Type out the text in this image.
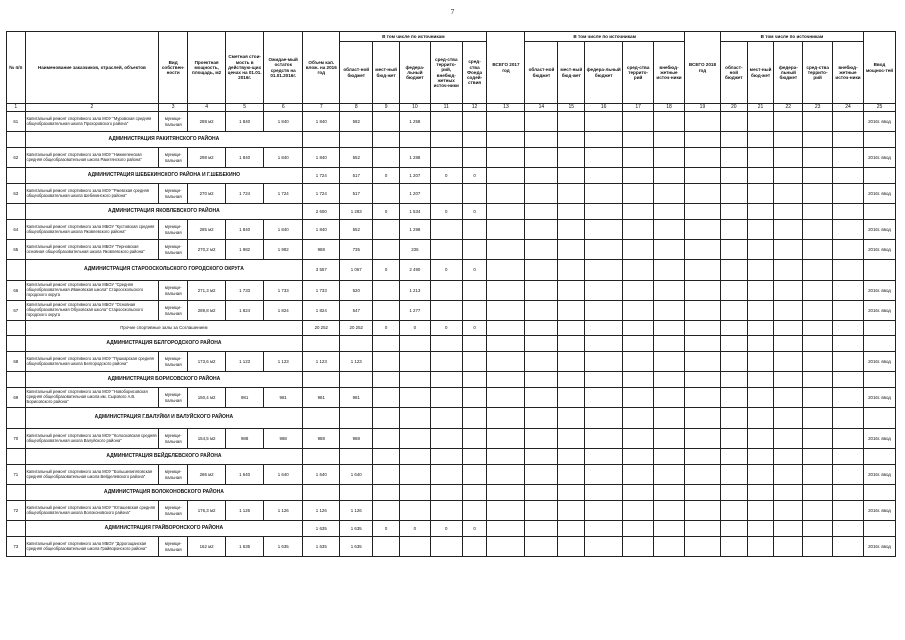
7
№ п/п	Наименование заказчиков, отраслей, объектов	Вид собствен-ности	Проектная мощность, площадь, м2	Сметная стои-мость в действую-щих ценах на 01.01. 2016г.	Ожидае-мый остаток средств на 01.01.2016г.	Объем кап. влож. на 2016 год	В том числе по источникам					ВСЕГО 2017 год	В том числе по источникам					ВСЕГО 2018 год	В том числе по источникам					Ввод мощнос-тей
							област-ной бюджет	мест-ный бюд-жет	федера-льный бюджет	сред-ства террито-рий, внебюд-жетных источ-ники	сред-ства Фонда содей-ствия		област-ной бюджет	мест-ный бюд-жет	федера-льный бюджет	сред-ства террито-рий	внебюд-жетные источ-ники		област-ной бюджет	мест-ный бюд-жет	федера-льный бюджет	сред-ства террито-рий	внебюд-жетные источ-ники	
1	2	3	4	5	6	7	8	9	10	11	12	13	14	15	16	17	18	19	20	21	22	23	24	25
61	Капитальный ремонт спортивного зала МОУ "Муровская средняя общеобразовательная школа Прохоровского района"	муници-пальная	288 м2	1 840	1 840	1 840	582		1 258															2016г. ввод
	АДМИНИСТРАЦИЯ РАКИТЯНСКОГО РАЙОНА																							
62	Капитальный ремонт спортивного зала МОУ "Нижнепенская средняя общеобразовательная школа Ракитянского района"	муници-пальная	298 м2	1 840	1 840	1 840	552		1 288															2016г. ввод
	АДМИНИСТРАЦИЯ ШЕБЕКИНСКОГО РАЙОНА И Г.ШЕБЕКИНО					1 724	517	0	1 207	0	0													
63	Капитальный ремонт спортивного зала МОУ "Ржевская средняя общеобразовательная школа Шебекинского района"	муници-пальная	270 м2	1 724	1 724	1 724	517		1 207															2016г. ввод
	АДМИНИСТРАЦИЯ ЯКОВЛЕВСКОГО РАЙОНА					2 600	1 283	0	1 534	0	0													
64	Капитальный ремонт спортивного зала МБОУ "Кустовская средняя общеобразовательная школа Яковлевского района"	муници-пальная	285 м2	1 840	1 840	1 840	552		1 298															2016г. ввод
65	Капитальный ремонт спортивного зала МБОУ "Терновская основная общеобразовательная школа Яковлевского района"	муници-пальная	270,2 м2	1 982	1 982	988	735		236															2016г. ввод
	АДМИНИСТРАЦИЯ СТАРООСКОЛЬСКОГО ГОРОДСКОГО ОКРУГА					3 557	1 067	0	2 490	0	0													
66	Капитальный ремонт спортивного зала МБОУ "Средняя общеобразовательная Ивановская школа" Старооскольского городского округа	муници-пальная	271,3 м2	1 733	1 733	1 733	520		1 213															2016г. ввод
67	Капитальный ремонт спортивного зала МБОУ "Основная общеобразовательная Обуховская школа" Старооскольского городского округа	муници-пальная	289,8 м2	1 824	1 824	1 824	547		1 277															2016г. ввод
	Прочие спортивные залы за Соглашением					20 252	20 252	0	0	0	0													
	АДМИНИСТРАЦИЯ БЕЛГОРОДСКОГО РАЙОНА																							
68	Капитальный ремонт спортивного зала МОУ "Пушкарская средняя общеобразовательная школа Белгородского района"	муници-пальная	173,6 м2	1 123	1 123	1 123	1 123																	2016г. ввод
	АДМИНИСТРАЦИЯ БОРИСОВСКОГО РАЙОНА																							
69	Капитальный ремонт спортивного зала МОУ "Новоборисовская средняя общеобразовательная школа им. Сырового А.В. Борисовского района"	муници-пальная	150,4 м2	981	981	981	981																	2016г. ввод
	АДМИНИСТРАЦИЯ Г.ВАЛУЙКИ И ВАЛУЙСКОГО РАЙОНА																							
70	Капитальный ремонт спортивного зала МОУ "Колосковская средняя общеобразовательная школа Валуйского района"	муници-пальная	154,5 м2	988	988	988	988																	2016г. ввод
	АДМИНИСТРАЦИЯ ВЕЙДЕЛЕВСКОГО РАЙОНА																							
71	Капитальный ремонт спортивного зала МОУ "Большелипяговская средняя общеобразовательная школа Вейделевского района"	муници-пальная	286 м2	1 640	1 640	1 640	1 640																	2016г. ввод
	АДМИНИСТРАЦИЯ ВОЛОКОНОВСКОГО РАЙОНА																							
72	Капитальный ремонт спортивного зала МОУ "Юташевская средняя общеобразовательная школа Волоконовского района"	муници-пальная	176,3 м2	1 126	1 126	1 126	1 126																	2016г. ввод
	АДМИНИСТРАЦИЯ ГРАЙВОРОНСКОГО РАЙОНА					1 635	1 635	0	0	0	0													
73	Капитальный ремонт спортивного зала МБОУ "Дорогощанская средняя общеобразовательная школа Грайворонского района"	муници-пальная	162 м2	1 635	1 635	1 635	1 635																	2016г. ввод
